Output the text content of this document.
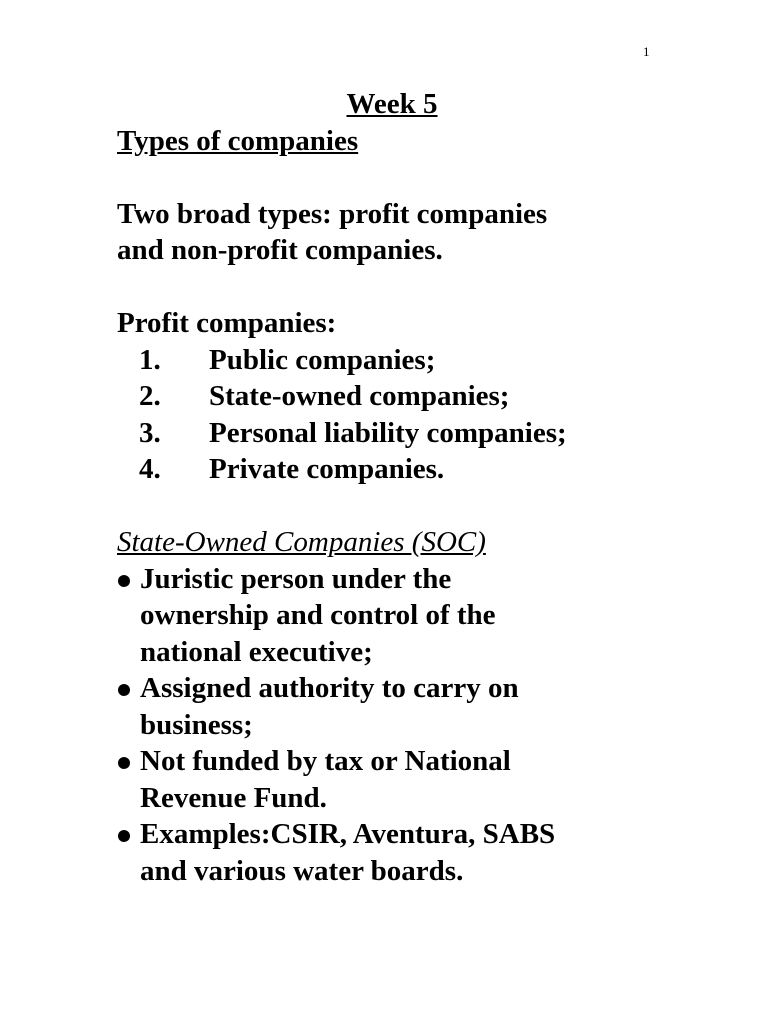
1
Week 5
Types of companies
Two broad types: profit companies
and non-profit companies.
Profit companies:
1.	Public companies;
2.	State-owned companies;
3.	Personal liability companies;
4.	Private companies.
State-Owned Companies (SOC)
Juristic person under the
ownership and control of the
national executive;
Assigned authority to carry on
business;
Not funded by tax or National
Revenue Fund.
Examples:CSIR, Aventura, SABS
and various water boards.
